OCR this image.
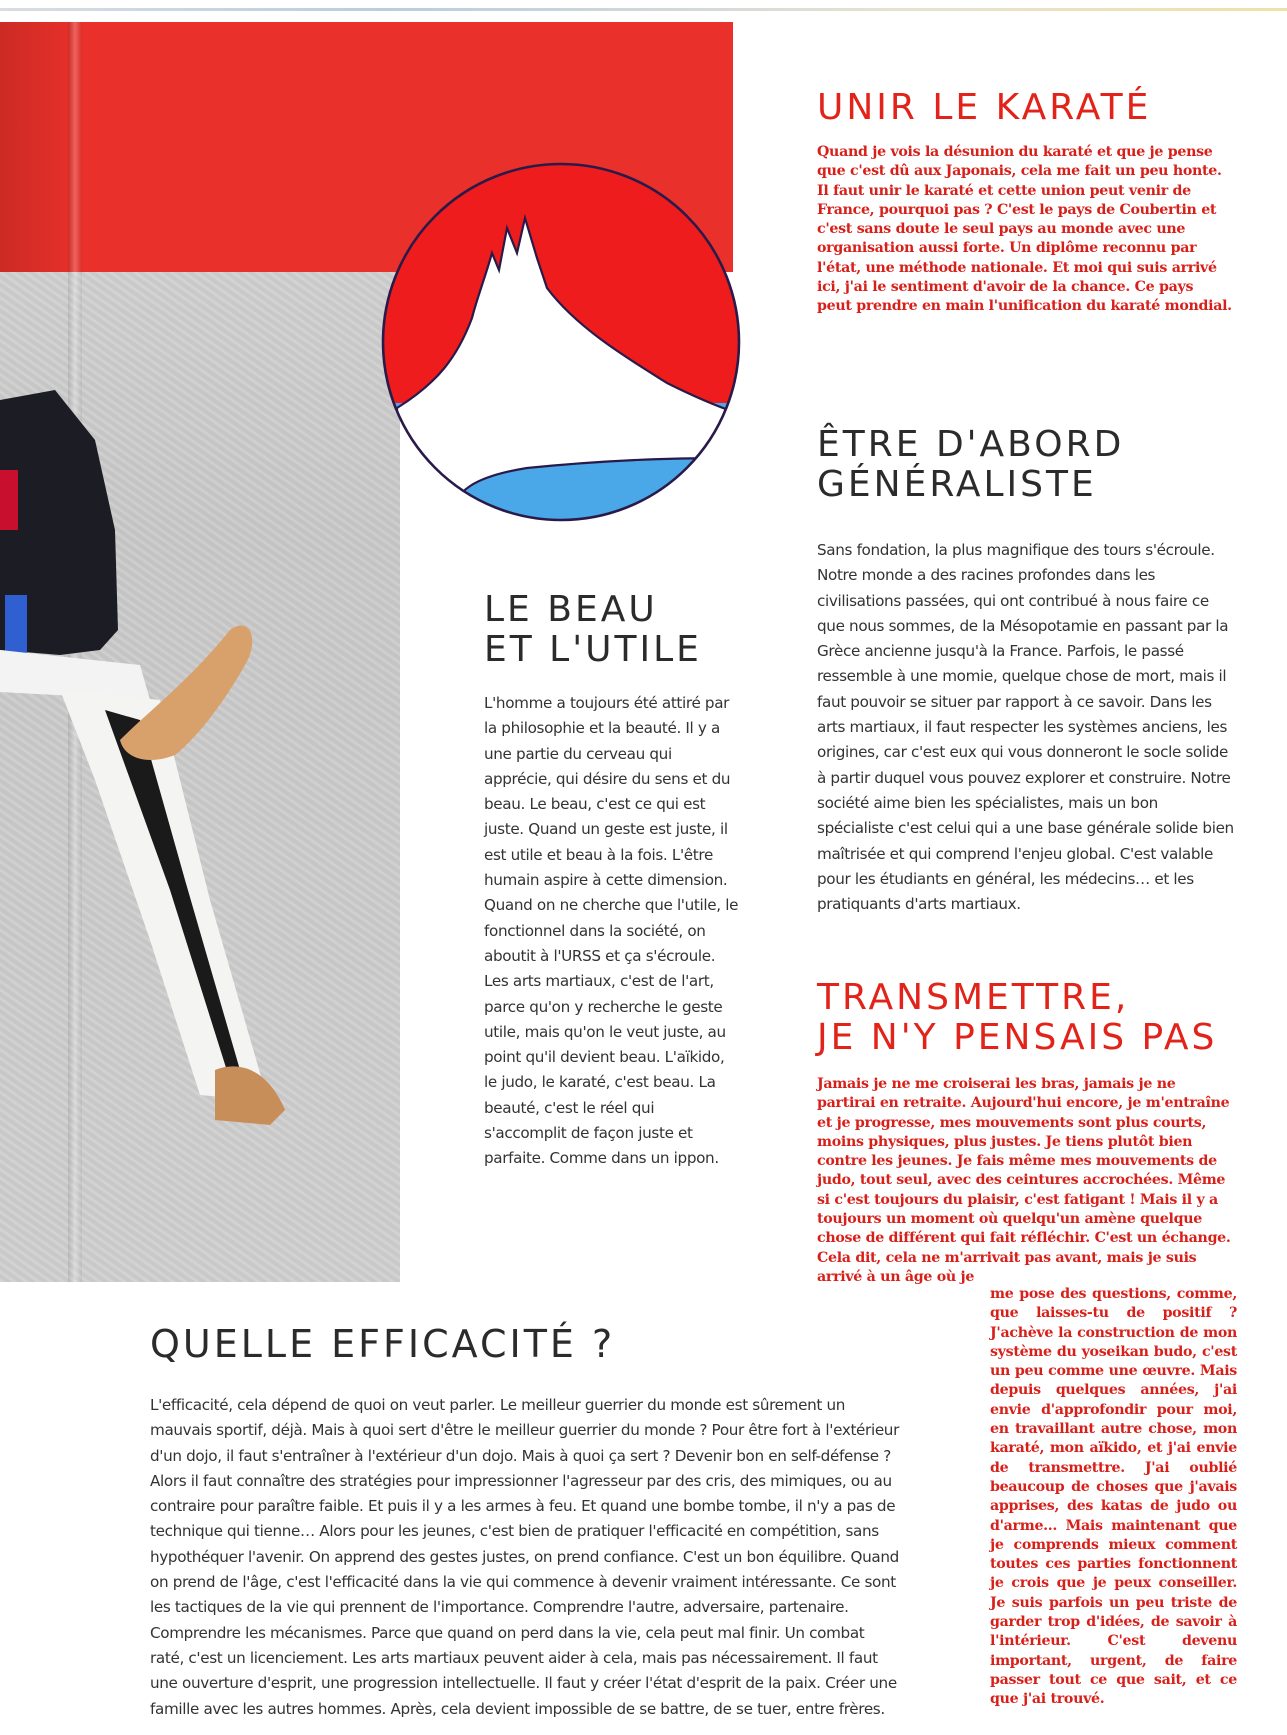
UNIR LE KARATÉ

Quand je vois la désunion du karaté et que je pense que c'est dû aux Japonais, cela me fait un peu honte. Il faut unir le karaté et cette union peut venir de France, pourquoi pas ? C'est le pays de Coubertin et c'est sans doute le seul pays au monde avec une organisation aussi forte. Un diplôme reconnu par l'état, une méthode nationale. Et moi qui suis arrivé ici, j'ai le sentiment d'avoir de la chance. Ce pays peut prendre en main l'unification du karaté mondial.

ÊTRE D'ABORD
GÉNÉRALISTE

Sans fondation, la plus magnifique des tours s'écroule. Notre monde a des racines profondes dans les civilisations passées, qui ont contribué à nous faire ce que nous sommes, de la Mésopotamie en passant par la Grèce ancienne jusqu'à la France. Parfois, le passé ressemble à une momie, quelque chose de mort, mais il faut pouvoir se situer par rapport à ce savoir. Dans les arts martiaux, il faut respecter les systèmes anciens, les origines, car c'est eux qui vous donneront le socle solide à partir duquel vous pouvez explorer et construire. Notre société aime bien les spécialistes, mais un bon spécialiste c'est celui qui a une base générale solide bien maîtrisée et qui comprend l'enjeu global. C'est valable pour les étudiants en général, les médecins… et les pratiquants d'arts martiaux.

LE BEAU
ET L'UTILE

L'homme a toujours été attiré par la philosophie et la beauté. Il y a une partie du cerveau qui apprécie, qui désire du sens et du beau. Le beau, c'est ce qui est juste. Quand un geste est juste, il est utile et beau à la fois. L'être humain aspire à cette dimension. Quand on ne cherche que l'utile, le fonctionnel dans la société, on aboutit à l'URSS et ça s'écroule. Les arts martiaux, c'est de l'art, parce qu'on y recherche le geste utile, mais qu'on le veut juste, au point qu'il devient beau. L'aïkido, le judo, le karaté, c'est beau. La beauté, c'est le réel qui s'accomplit de façon juste et parfaite. Comme dans un ippon.

TRANSMETTRE,
JE N'Y PENSAIS PAS

Jamais je ne me croiserai les bras, jamais je ne partirai en retraite. Aujourd'hui encore, je m'entraîne et je progresse, mes mouvements sont plus courts, moins physiques, plus justes. Je tiens plutôt bien contre les jeunes. Je fais même mes mouvements de judo, tout seul, avec des ceintures accrochées. Même si c'est toujours du plaisir, c'est fatigant ! Mais il y a toujours un moment où quelqu'un amène quelque chose de différent qui fait réfléchir. C'est un échange. Cela dit, cela ne m'arrivait pas avant, mais je suis arrivé à un âge où je

me pose des questions, comme, que laisses-tu de positif ? J'achève la construction de mon système du yoseikan budo, c'est un peu comme une œuvre. Mais depuis quelques années, j'ai envie d'approfondir pour moi, en travaillant autre chose, mon karaté, mon aïkido, et j'ai envie de transmettre. J'ai oublié beaucoup de choses que j'avais apprises, des katas de judo ou d'arme… Mais maintenant que je comprends mieux comment toutes ces parties fonctionnent je crois que je peux conseiller. Je suis parfois un peu triste de garder trop d'idées, de savoir à l'intérieur. C'est devenu important, urgent, de faire passer tout ce que sait, et ce que j'ai trouvé.

QUELLE EFFICACITÉ ?

L'efficacité, cela dépend de quoi on veut parler. Le meilleur guerrier du monde est sûrement un mauvais sportif, déjà. Mais à quoi sert d'être le meilleur guerrier du monde ? Pour être fort à l'extérieur d'un dojo, il faut s'entraîner à l'extérieur d'un dojo. Mais à quoi ça sert ? Devenir bon en self-défense ? Alors il faut connaître des stratégies pour impressionner l'agresseur par des cris, des mimiques, ou au contraire pour paraître faible. Et puis il y a les armes à feu. Et quand une bombe tombe, il n'y a pas de technique qui tienne… Alors pour les jeunes, c'est bien de pratiquer l'efficacité en compétition, sans hypothéquer l'avenir. On apprend des gestes justes, on prend confiance. C'est un bon équilibre. Quand on prend de l'âge, c'est l'efficacité dans la vie qui commence à devenir vraiment intéressante. Ce sont les tactiques de la vie qui prennent de l'importance. Comprendre l'autre, adversaire, partenaire. Comprendre les mécanismes. Parce que quand on perd dans la vie, cela peut mal finir. Un combat raté, c'est un licenciement. Les arts martiaux peuvent aider à cela, mais pas nécessairement. Il faut une ouverture d'esprit, une progression intellectuelle. Il faut y créer l'état d'esprit de la paix. Créer une famille avec les autres hommes. Après, cela devient impossible de se battre, de se tuer, entre frères.
